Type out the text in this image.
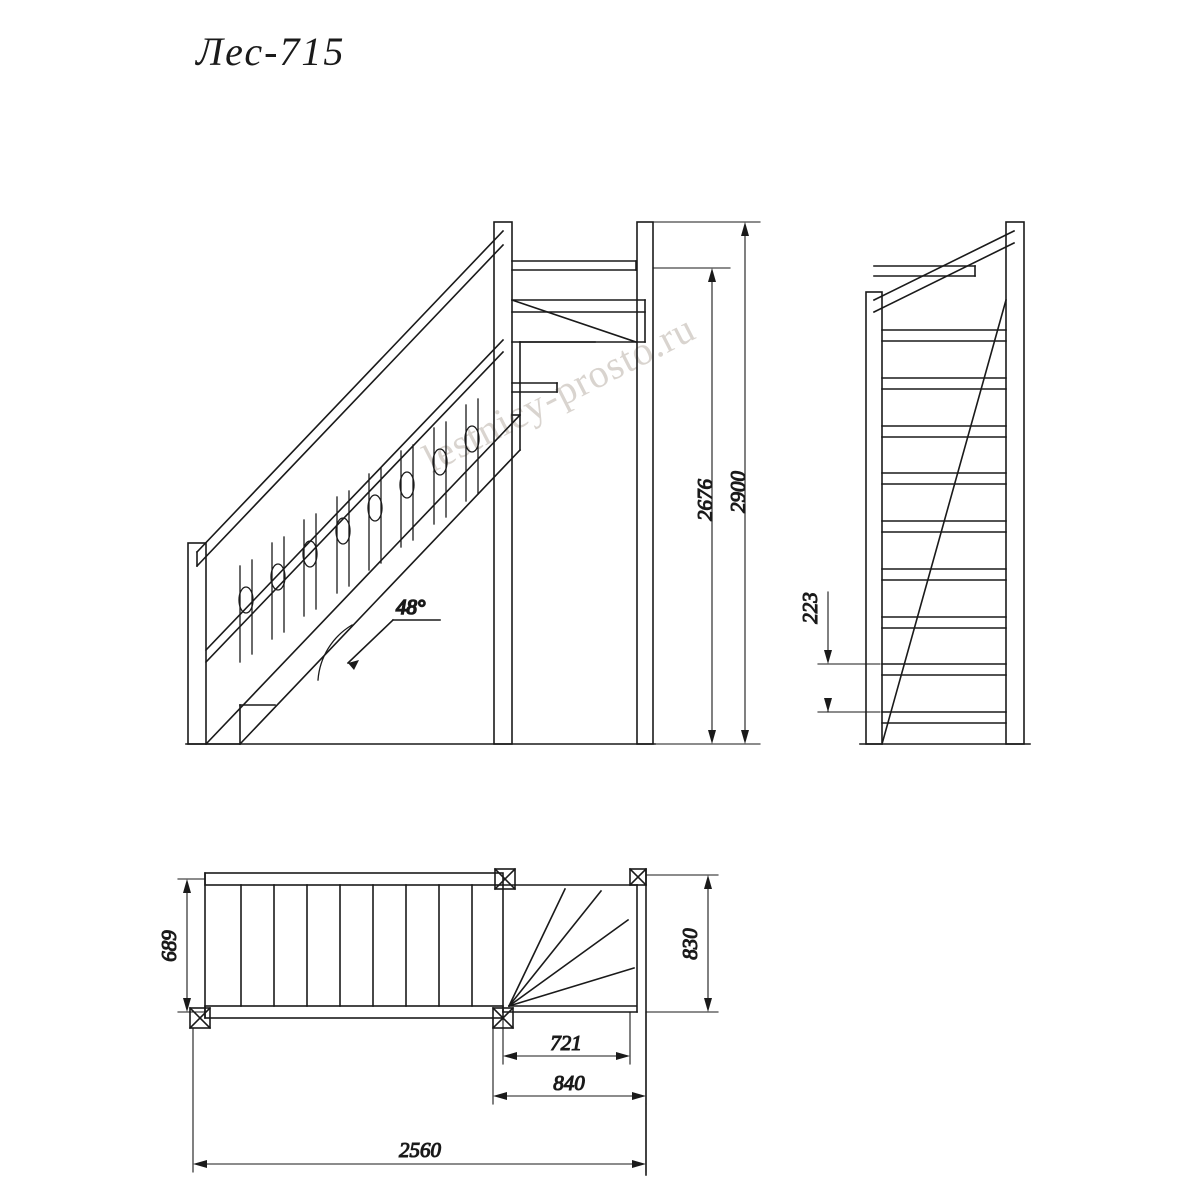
Лес-715
lestnicy-prosto.ru
48°
2900
2676
223
689	830
721
840
2560
